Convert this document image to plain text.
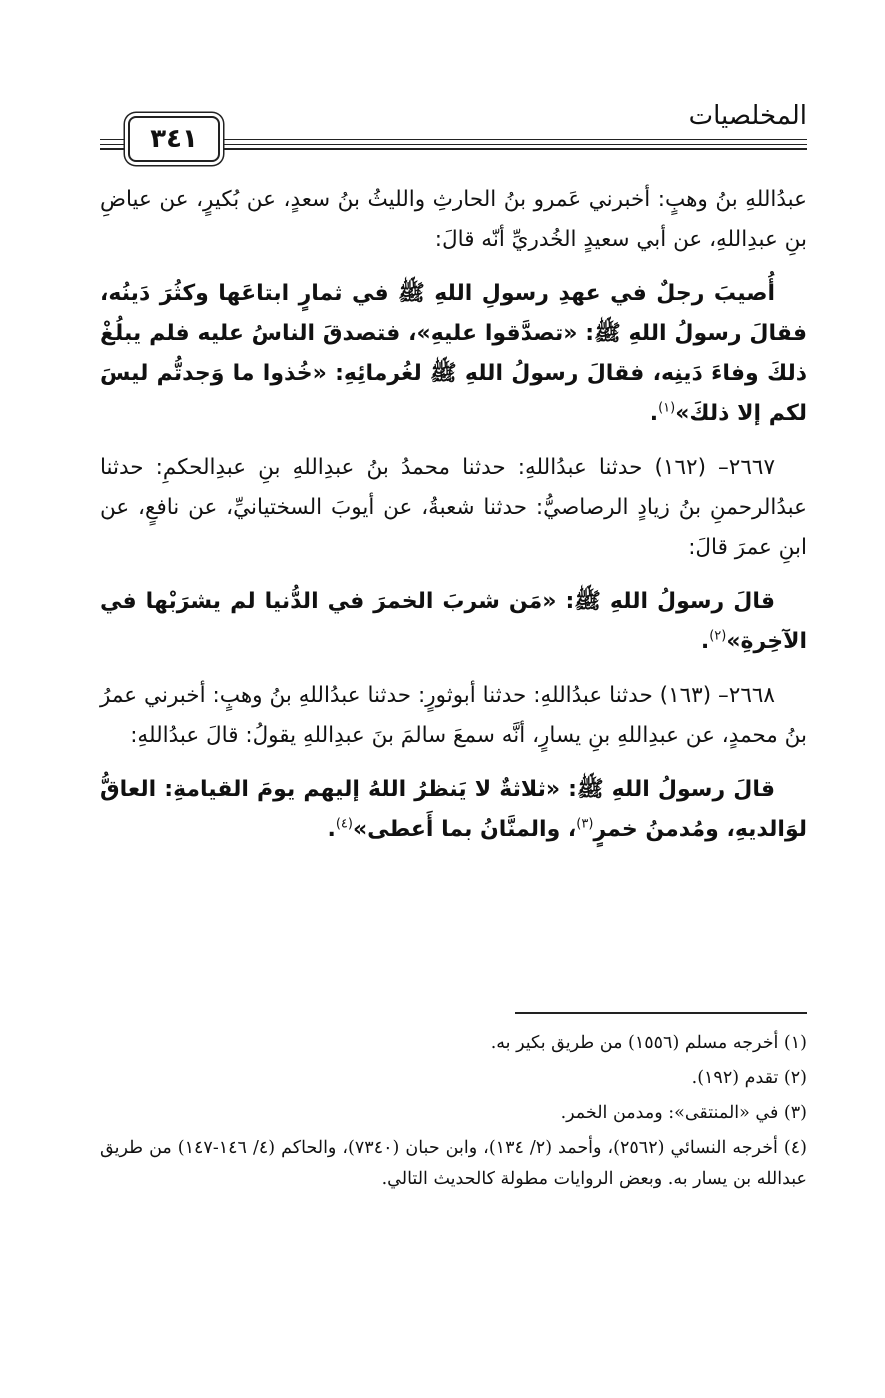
المخلصيات
٣٤١

عبدُاللهِ بنُ وهبٍ: أخبرني عَمرو بنُ الحارثِ والليثُ بنُ سعدٍ، عن بُكيرٍ، عن عياضِ بنِ عبدِاللهِ، عن أبي سعيدٍ الخُدريِّ أنّه قالَ:

أُصيبَ رجلٌ في عهدِ رسولِ اللهِ ﷺ في ثمارٍ ابتاعَها وكثُرَ دَينُه، فقالَ رسولُ اللهِ ﷺ: «تصدَّقوا عليهِ»، فتصدقَ الناسُ عليه فلم يبلُغْ ذلكَ وفاءَ دَينِه، فقالَ رسولُ اللهِ ﷺ لغُرمائِهِ: «خُذوا ما وَجدتُّم ليسَ لكم إلا ذلكَ»$^{(١)}$.

٢٦٦٧– (١٦٢) حدثنا عبدُاللهِ: حدثنا محمدُ بنُ عبدِاللهِ بنِ عبدِالحكمِ: حدثنا عبدُالرحمنِ بنُ زيادٍ الرصاصيُّ: حدثنا شعبةُ، عن أيوبَ السختيانيِّ، عن نافعٍ، عن ابنِ عمرَ قالَ:

قالَ رسولُ اللهِ ﷺ: «مَن شربَ الخمرَ في الدُّنيا لم يشرَبْها في الآخِرةِ»$^{(٢)}$.

٢٦٦٨– (١٦٣) حدثنا عبدُاللهِ: حدثنا أبوثورٍ: حدثنا عبدُاللهِ بنُ وهبٍ: أخبرني عمرُ بنُ محمدٍ، عن عبدِاللهِ بنِ يسارٍ، أنَّه سمعَ سالمَ بنَ عبدِاللهِ يقولُ: قالَ عبدُاللهِ:

قالَ رسولُ اللهِ ﷺ: «ثلاثةٌ لا يَنظرُ اللهُ إليهم يومَ القيامةِ: العاقُّ لوَالديهِ، ومُدمنُ خمرٍ$^{(٣)}$، والمنَّانُ بما أَعطى»$^{(٤)}$.

(١) أخرجه مسلم (١٥٥٦) من طريق بكير به.

(٢) تقدم (١٩٢).

(٣) في «المنتقى»: ومدمن الخمر.

(٤) أخرجه النسائي (٢٥٦٢)، وأحمد (٢/ ١٣٤)، وابن حبان (٧٣٤٠)، والحاكم (٤/ ١٤٦-١٤٧) من طريق عبدالله بن يسار به. وبعض الروايات مطولة كالحديث التالي.
